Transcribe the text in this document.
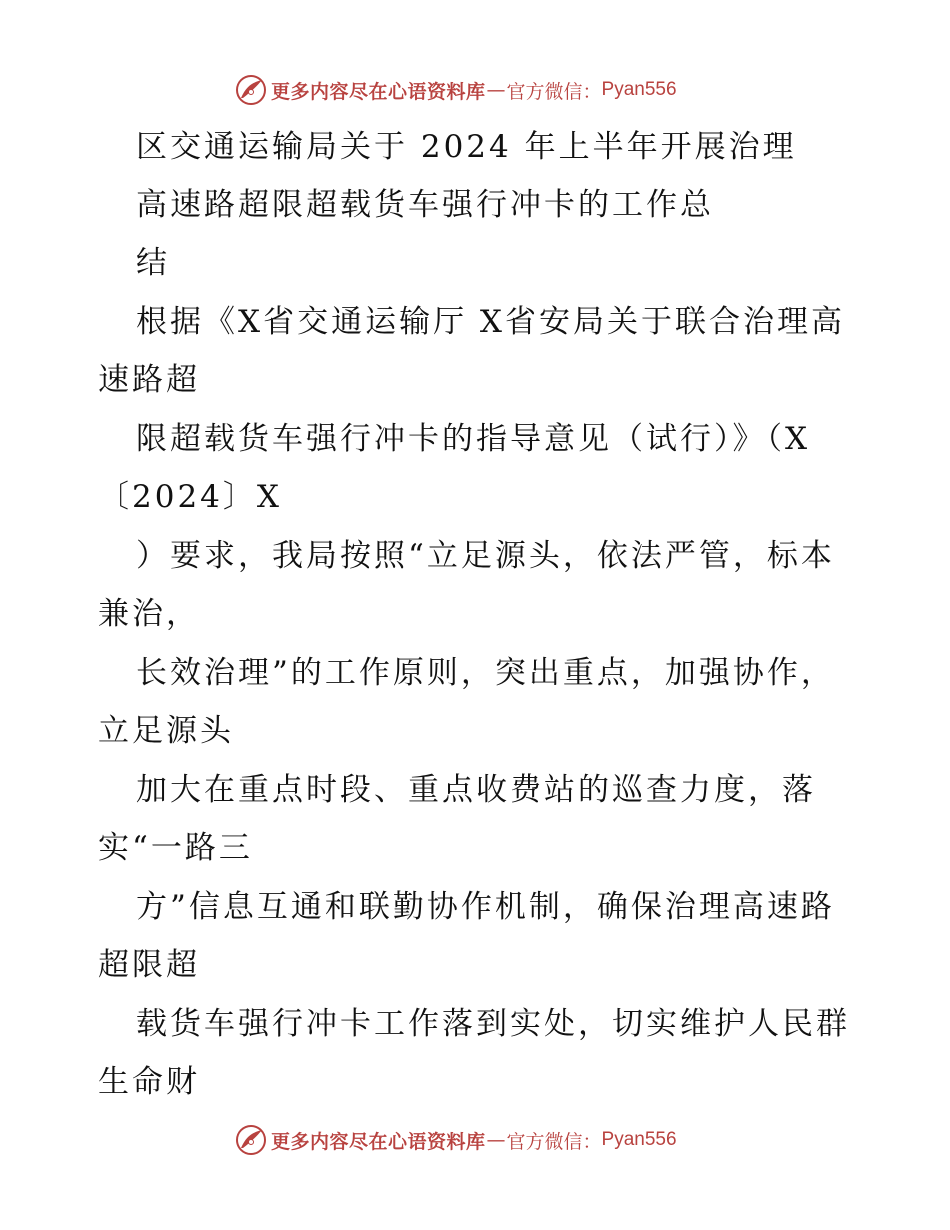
更多内容尽在心语资料库 — 官方微信： Pyan556
区交通运输局关于 2024 年上半年开展治理
高速路超限超载货车强行冲卡的工作总
结
根据《X省交通运输厅 X省安局关于联合治理高
速路超
限超载货车强行冲卡的指导意见（试行）》（X
〔2024〕X
）要求，我局按照“立足源头，依法严管，标本
兼治，
长效治理”的工作原则，突出重点，加强协作，
立足源头
加大在重点时段、重点收费站的巡查力度，落
实“一路三
方”信息互通和联勤协作机制，确保治理高速路
超限超
载货车强行冲卡工作落到实处，切实维护人民群
生命财
更多内容尽在心语资料库 — 官方微信： Pyan556
